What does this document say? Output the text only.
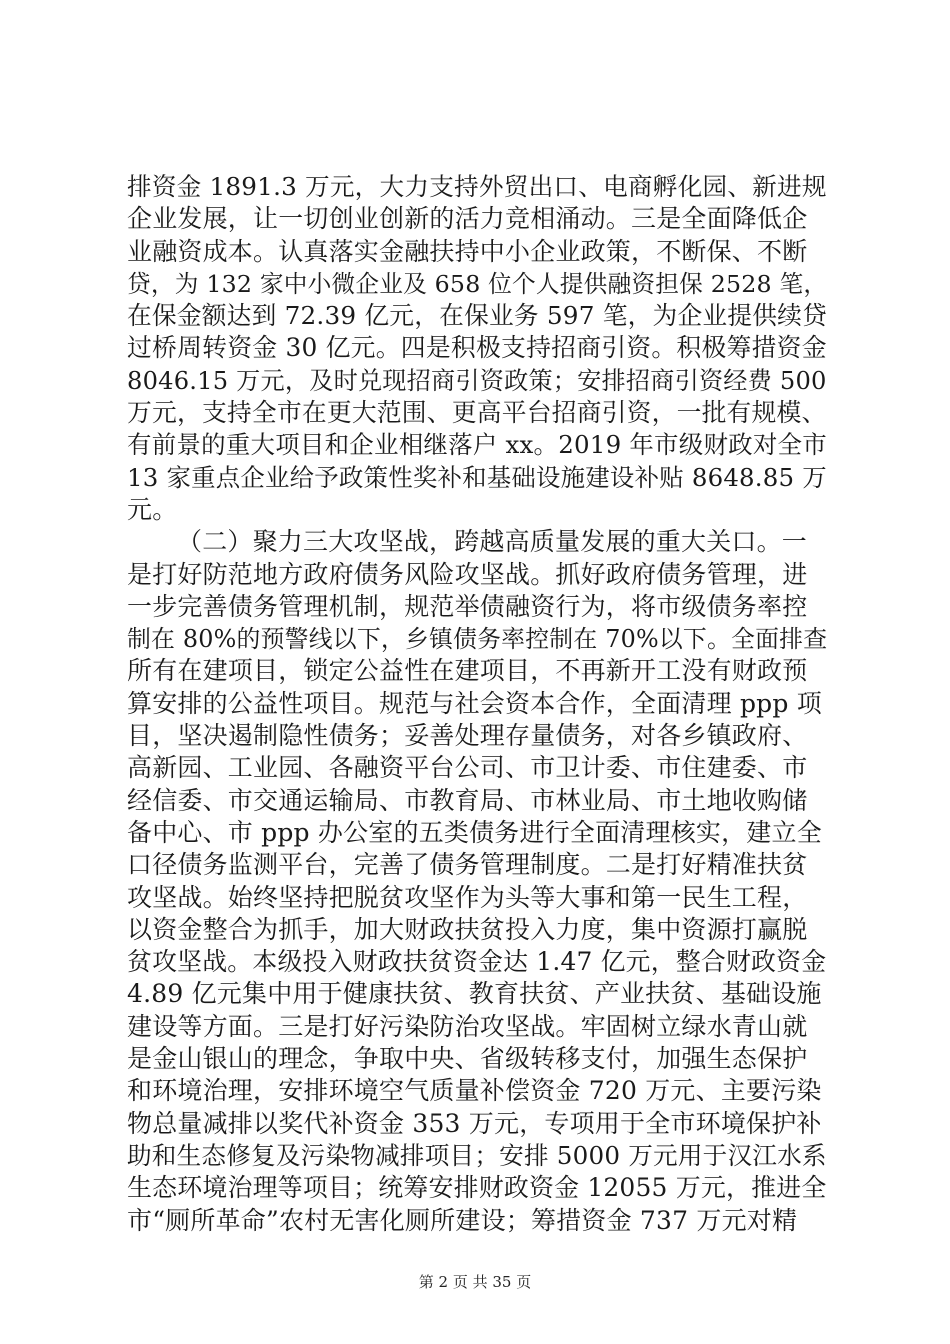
排资金 1891.3 万元，大力支持外贸出口、电商孵化园、新进规
企业发展，让一切创业创新的活力竞相涌动。三是全面降低企
业融资成本。认真落实金融扶持中小企业政策，不断保、不断
贷，为 132 家中小微企业及 658 位个人提供融资担保 2528 笔，
在保金额达到 72.39 亿元，在保业务 597 笔，为企业提供续贷
过桥周转资金 30 亿元。四是积极支持招商引资。积极筹措资金
8046.15 万元，及时兑现招商引资政策；安排招商引资经费 500
万元，支持全市在更大范围、更高平台招商引资，一批有规模、
有前景的重大项目和企业相继落户 xx。2019 年市级财政对全市
13 家重点企业给予政策性奖补和基础设施建设补贴 8648.85 万
元。
（二）聚力三大攻坚战，跨越高质量发展的重大关口。一
是打好防范地方政府债务风险攻坚战。抓好政府债务管理，进
一步完善债务管理机制，规范举债融资行为，将市级债务率控
制在 80%的预警线以下，乡镇债务率控制在 70%以下。全面排查
所有在建项目，锁定公益性在建项目，不再新开工没有财政预
算安排的公益性项目。规范与社会资本合作，全面清理 ppp 项
目，坚决遏制隐性债务；妥善处理存量债务，对各乡镇政府、
高新园、工业园、各融资平台公司、市卫计委、市住建委、市
经信委、市交通运输局、市教育局、市林业局、市土地收购储
备中心、市 ppp 办公室的五类债务进行全面清理核实，建立全
口径债务监测平台，完善了债务管理制度。二是打好精准扶贫
攻坚战。始终坚持把脱贫攻坚作为头等大事和第一民生工程，
以资金整合为抓手，加大财政扶贫投入力度，集中资源打赢脱
贫攻坚战。本级投入财政扶贫资金达 1.47 亿元，整合财政资金
4.89 亿元集中用于健康扶贫、教育扶贫、产业扶贫、基础设施
建设等方面。三是打好污染防治攻坚战。牢固树立绿水青山就
是金山银山的理念，争取中央、省级转移支付，加强生态保护
和环境治理，安排环境空气质量补偿资金 720 万元、主要污染
物总量减排以奖代补资金 353 万元，专项用于全市环境保护补
助和生态修复及污染物减排项目；安排 5000 万元用于汉江水系
生态环境治理等项目；统筹安排财政资金 12055 万元，推进全
市“厕所革命”农村无害化厕所建设；筹措资金 737 万元对精
第 2 页 共 35 页
